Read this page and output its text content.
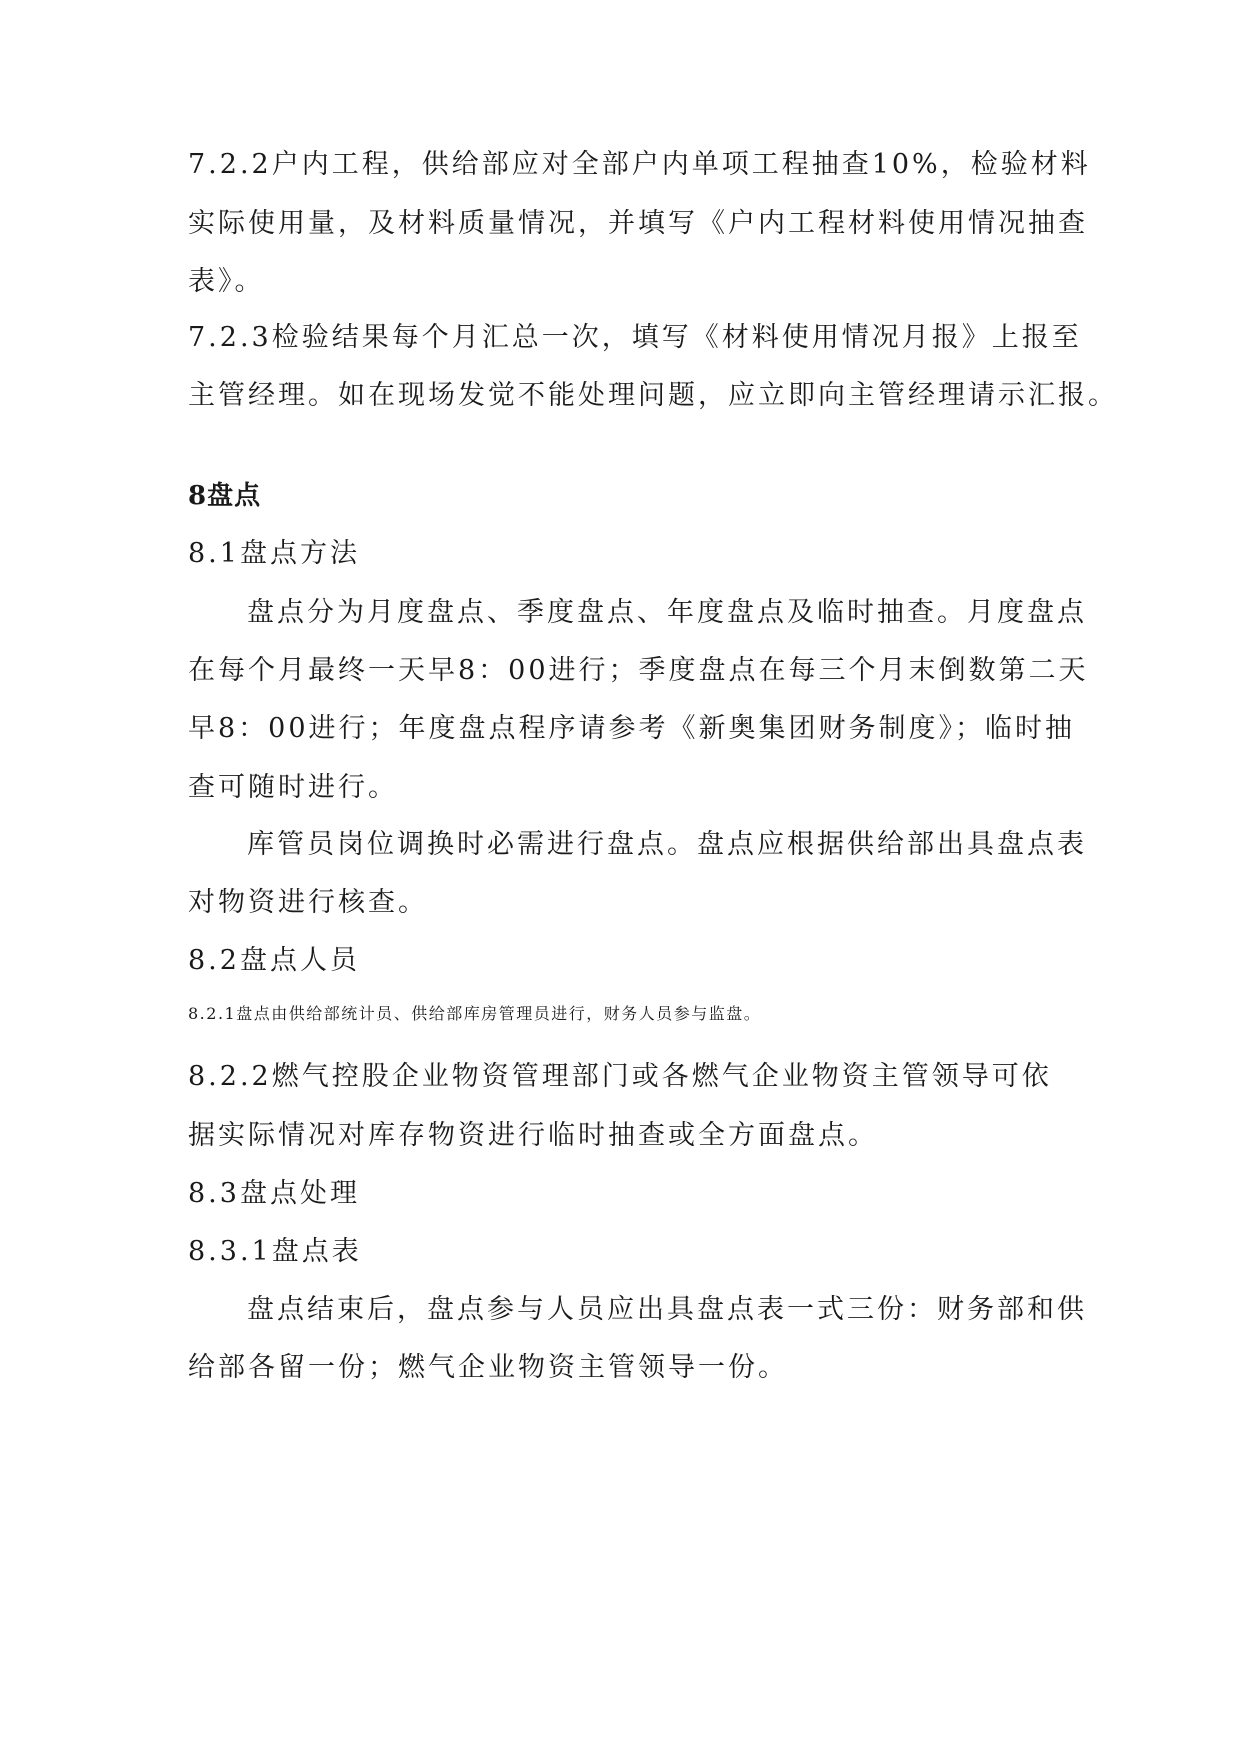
7.2.2户内工程，供给部应对全部户内单项工程抽查10%，检验材料

实际使用量，及材料质量情况，并填写《户内工程材料使用情况抽查

表》。

7.2.3检验结果每个月汇总一次，填写《材料使用情况月报》上报至

主管经理。如在现场发觉不能处理问题，应立即向主管经理请示汇报。

8盘点

8.1盘点方法

盘点分为月度盘点、季度盘点、年度盘点及临时抽查。月度盘点

在每个月最终一天早8：00进行；季度盘点在每三个月末倒数第二天

早8：00进行；年度盘点程序请参考《新奥集团财务制度》；临时抽

查可随时进行。

库管员岗位调换时必需进行盘点。盘点应根据供给部出具盘点表

对物资进行核查。

8.2盘点人员

8.2.1盘点由供给部统计员、供给部库房管理员进行，财务人员参与监盘。

8.2.2燃气控股企业物资管理部门或各燃气企业物资主管领导可依

据实际情况对库存物资进行临时抽查或全方面盘点。

8.3盘点处理

8.3.1盘点表

盘点结束后，盘点参与人员应出具盘点表一式三份：财务部和供

给部各留一份；燃气企业物资主管领导一份。
